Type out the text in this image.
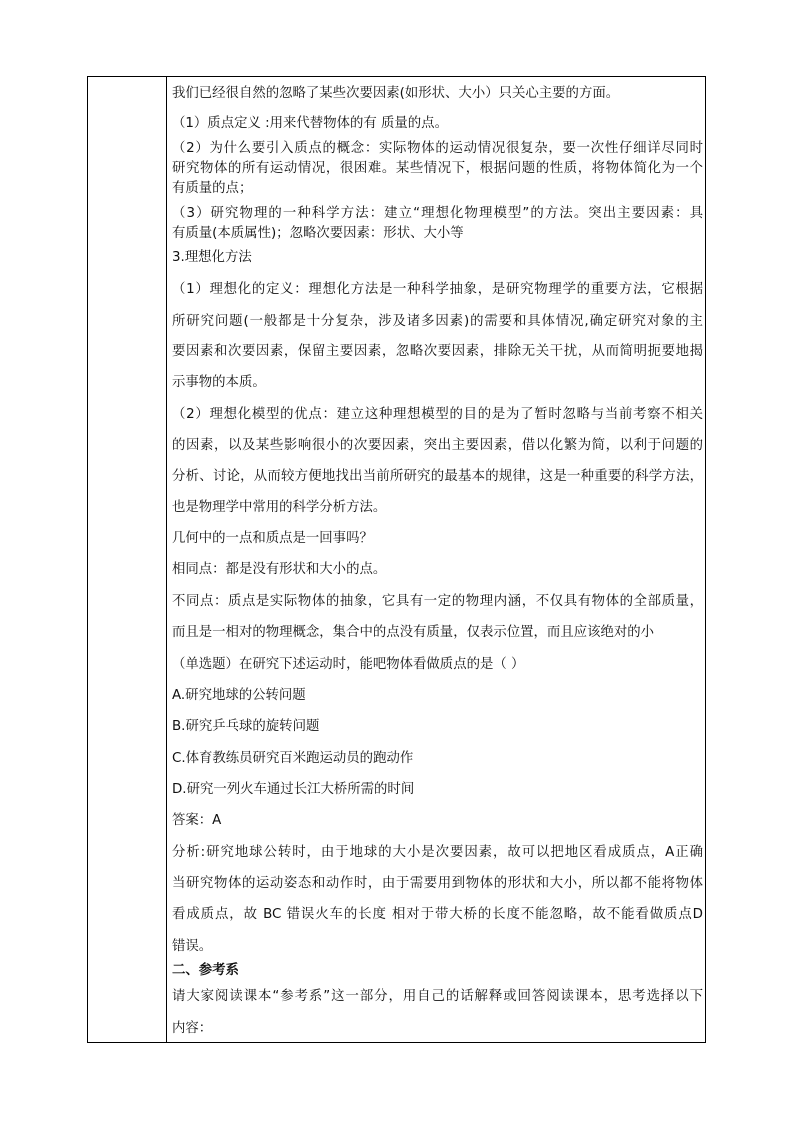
我们已经很自然的忽略了某些次要因素(如形状、大小）只关心主要的方面。
（1）质点定义 :用来代替物体的有 质量的点。
（2）为什么要引入质点的概念：实际物体的运动情况很复杂，要一次性仔细详尽同时
研究物体的所有运动情况，很困难。某些情况下，根据问题的性质，将物体简化为一个
有质量的点；
（3）研究物理的一种科学方法：建立“理想化物理模型”的方法。突出主要因素：具
有质量(本质属性)；忽略次要因素：形状、大小等
3.理想化方法
（1）理想化的定义：理想化方法是一种科学抽象，是研究物理学的重要方法，它根据
所研究问题(一般都是十分复杂，涉及诸多因素)的需要和具体情况,确定研究对象的主
要因素和次要因素，保留主要因素，忽略次要因素，排除无关干扰，从而简明扼要地揭
示事物的本质。
（2）理想化模型的优点：建立这种理想模型的目的是为了暂时忽略与当前考察不相关
的因素，以及某些影响很小的次要因素，突出主要因素，借以化繁为简，以利于问题的
分析、讨论，从而较方便地找出当前所研究的最基本的规律，这是一种重要的科学方法，
也是物理学中常用的科学分析方法。
几何中的一点和质点是一回事吗？
相同点：都是没有形状和大小的点。
不同点：质点是实际物体的抽象，它具有一定的物理内涵，不仅具有物体的全部质量，
而且是一相对的物理概念，集合中的点没有质量，仅表示位置，而且应该绝对的小
（单选题）在研究下述运动时，能吧物体看做质点的是（ ）
A.研究地球的公转问题
B.研究乒乓球的旋转问题
C.体育教练员研究百米跑运动员的跑动作
D.研究一列火车通过长江大桥所需的时间
答案：A
分析:研究地球公转时，由于地球的大小是次要因素，故可以把地区看成质点，A正确
当研究物体的运动姿态和动作时，由于需要用到物体的形状和大小，所以都不能将物体
看成质点，故 BC 错误火车的长度 相对于带大桥的长度不能忽略，故不能看做质点D
错误。
二、参考系
请大家阅读课本“参考系”这一部分，用自己的话解释或回答阅读课本，思考选择以下
内容：
